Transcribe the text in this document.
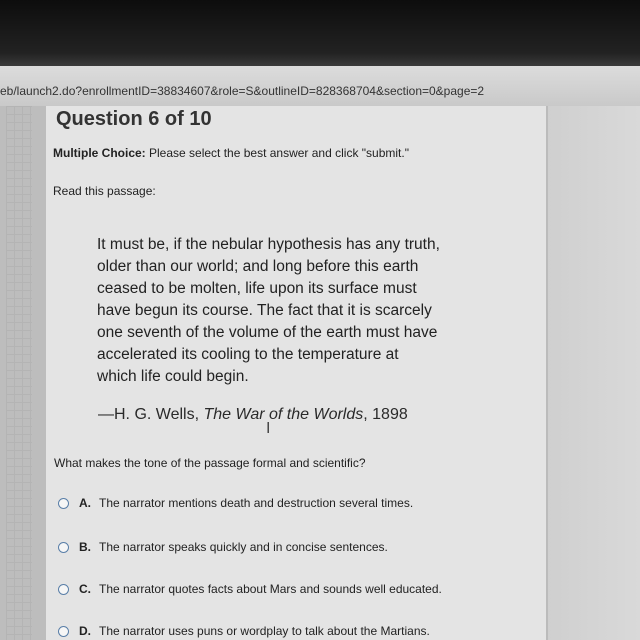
eb/launch2.do?enrollmentID=38834607&role=S&outlineID=828368704&section=0&page=2
Question 6 of 10
Multiple Choice: Please select the best answer and click "submit."
Read this passage:
It must be, if the nebular hypothesis has any truth,
older than our world; and long before this earth
ceased to be molten, life upon its surface must
have begun its course. The fact that it is scarcely
one seventh of the volume of the earth must have
accelerated its cooling to the temperature at
which life could begin.
—H. G. Wells, The War of the Worlds, 1898
I
What makes the tone of the passage formal and scientific?
A. The narrator mentions death and destruction several times.
B. The narrator speaks quickly and in concise sentences.
C. The narrator quotes facts about Mars and sounds well educated.
D. The narrator uses puns or wordplay to talk about the Martians.
